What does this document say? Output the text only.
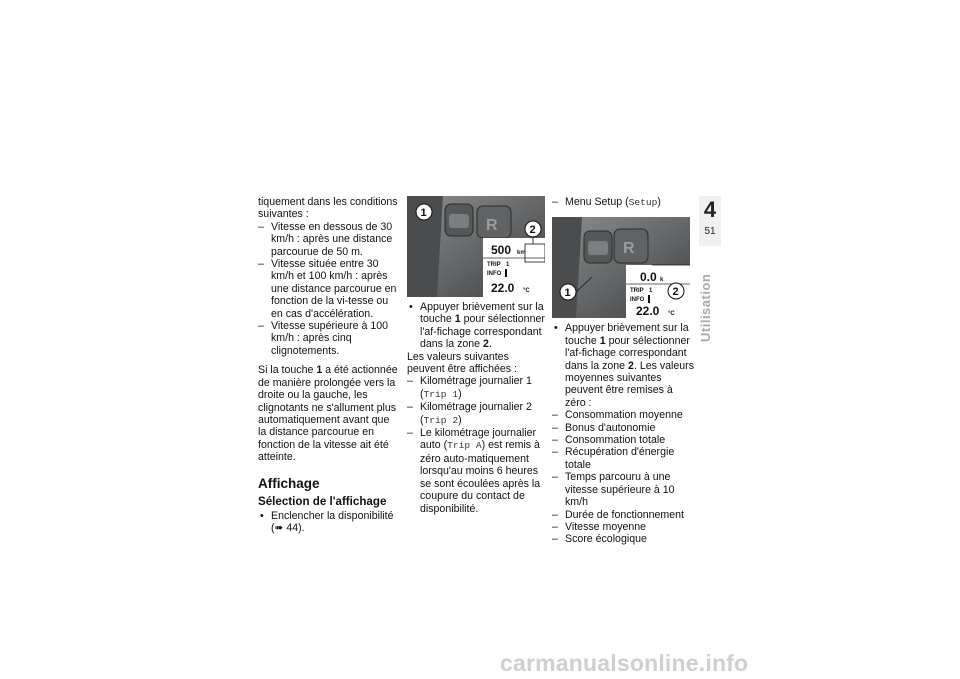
tiquement dans les conditions suivantes :

– Vitesse en dessous de 30 km/h : après une distance parcourue de 50 m.

– Vitesse située entre 30 km/h et 100 km/h : après une distance parcourue en fonction de la vi-tesse ou en cas d'accélération.

– Vitesse supérieure à 100 km/h : après cinq clignotements.

Si la touche 1 a été actionnée de manière prolongée vers la droite ou la gauche, les clignotants ne s'allument plus automatiquement avant que la distance parcourue en fonction de la vitesse ait été atteinte.

Affichage
Sélection de l'affichage

• Enclencher la disponibilité
(➠ 44).

R
500 km
TRIP 1
INFO
22.0 °C
1
2

• Appuyer brièvement sur la touche 1 pour sélectionner l'af-fichage correspondant dans la zone 2.

Les valeurs suivantes peuvent être affichées :

– Kilométrage journalier 1
(Trip 1)

– Kilométrage journalier 2
(Trip 2)

– Le kilométrage journalier auto (Trip A) est remis à zéro auto-matiquement lorsqu'au moins 6 heures se sont écoulées après la coupure du contact de disponibilité.

– Menu Setup (Setup)

R
0.0 k
TRIP 1
INFO
22.0 °C
1	2

• Appuyer brièvement sur la touche 1 pour sélectionner l'af-fichage correspondant dans la zone 2. Les valeurs moyennes suivantes peuvent être remises à zéro :

– Consommation moyenne

– Bonus d'autonomie

– Consommation totale

– Récupération d'énergie totale

– Temps parcouru à une vitesse supérieure à 10 km/h

– Durée de fonctionnement

– Vitesse moyenne

– Score écologique

4
51
Utilisation
carmanualsonline.info
